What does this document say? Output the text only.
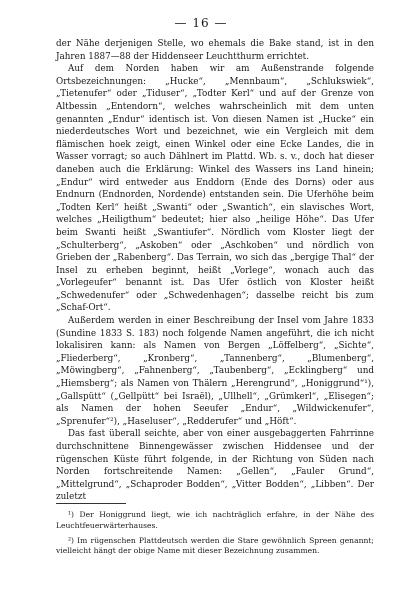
— 16 —

der Nähe derjenigen Stelle, wo ehemals die Bake stand, ist in den Jahren 1887—88 der Hiddenseer Leuchtthurm errichtet.

Auf dem Norden haben wir am Außenstrande folgende Ortsbezeichnungen: „Hucke“, „Mennbaum“, „Schlukswiek“, „Tietenufer“ oder „Tiduser“, „Todter Kerl“ und auf der Grenze von Altbessin „Entendorn“, welches wahrscheinlich mit dem unten genannten „Endur“ identisch ist. Von diesen Namen ist „Hucke“ ein niederdeutsches Wort und bezeichnet, wie ein Vergleich mit dem flämischen hoek zeigt, einen Winkel oder eine Ecke Landes, die in Wasser vorragt; so auch Dählnert im Plattd. Wb. s. v., doch hat dieser daneben auch die Erklärung: Winkel des Wassers ins Land hinein; „Endur“ wird entweder aus Enddorn (Ende des Dorns) oder aus Endnurn (Endnorden, Nordende) entstanden sein. Die Uferhöhe beim „Todten Kerl“ heißt „Swanti“ oder „Swantich“, ein slavisches Wort, welches „Heiligthum“ bedeutet; hier also „heilige Höhe“. Das Ufer beim Swanti heißt „Swantiufer“. Nördlich vom Kloster liegt der „Schulterberg“, „Askoben“ oder „Aschkoben“ und nördlich von Grieben der „Rabenberg“. Das Terrain, wo sich das „bergige Thal“ der Insel zu erheben beginnt, heißt „Vorlege“, wonach auch das „Vorlegeufer“ benannt ist. Das Ufer östlich von Kloster heißt „Schwedenufer“ oder „Schwedenhagen“; dasselbe reicht bis zum „Schaf-Ort“.

Außerdem werden in einer Beschreibung der Insel vom Jahre 1833 (Sundine 1833 S. 183) noch folgende Namen angeführt, die ich nicht lokalisiren kann: als Namen von Bergen „Löffelberg“, „Sichte“, „Fliederberg“, „Kronberg“, „Tannenberg“, „Blumenberg“, „Möwingberg“, „Fahnenberg“, „Taubenberg“, „Ecklingberg“ und „Hiemsberg“; als Namen von Thälern „Herengrund“, „Honiggrund“¹), „Gallspütt“ („Gellpütt“ bei Israël), „Ullhell“, „Grümkerl“, „Elisegen“; als Namen der hohen Seeufer „Endur“, „Wildwickenufer“, „Sprenufer“²), „Haseluser“, „Redderufer“ und „Höft“.

Das fast überall seichte, aber von einer ausgebaggerten Fahrrinne durchschnittene Binnengewässer zwischen Hiddensee und der rügenschen Küste führt folgende, in der Richtung von Süden nach Norden fortschreitende Namen: „Gellen“, „Fauler Grund“, „Mittelgrund“, „Schaproder Bodden“, „Vitter Bodden“, „Libben“. Der zuletzt

¹) Der Honiggrund liegt, wie ich nachträglich erfahre, in der Nähe des Leuchtfeuerwärterhauses.

²) Im rügenschen Plattdeutsch werden die Stare gewöhnlich Spreen genannt; vielleicht hängt der obige Name mit dieser Bezeichnung zusammen.
